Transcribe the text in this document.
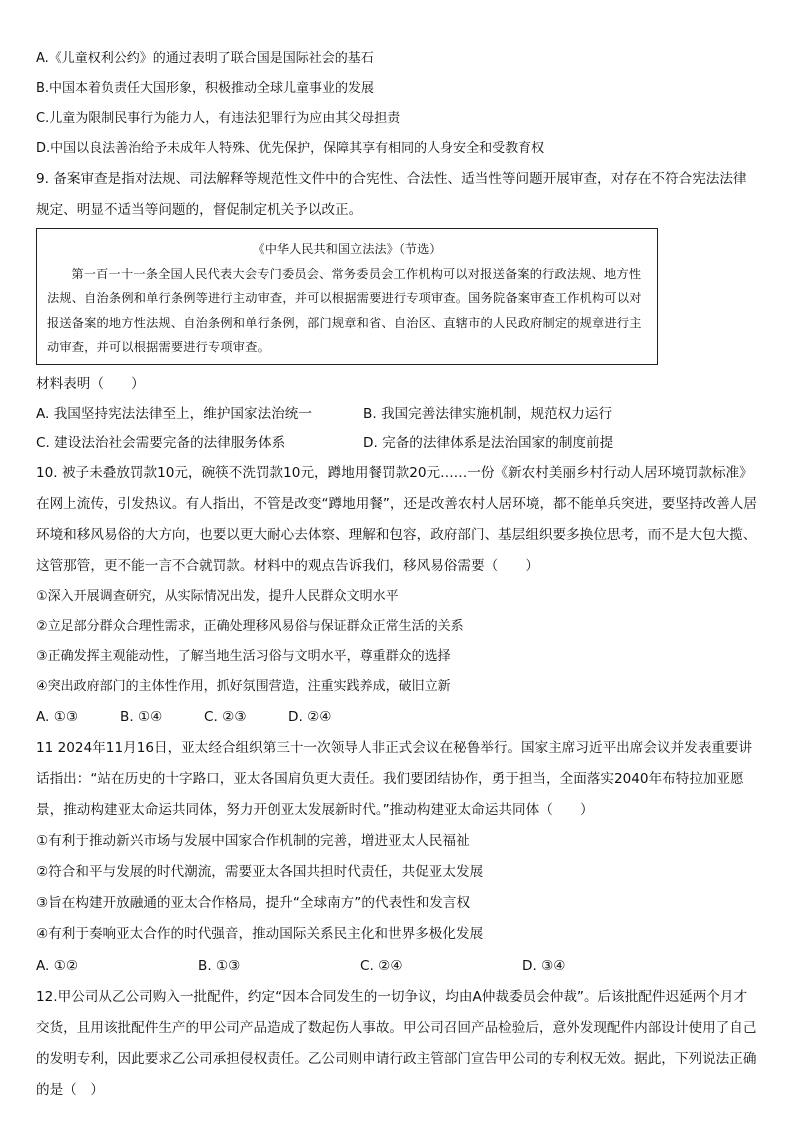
A.《儿童权利公约》的通过表明了联合国是国际社会的基石
B.中国本着负责任大国形象，积极推动全球儿童事业的发展
C.儿童为限制民事行为能力人，有违法犯罪行为应由其父母担责
D.中国以良法善治给予未成年人特殊、优先保护，保障其享有相同的人身安全和受教育权

9. 备案审查是指对法规、司法解释等规范性文件中的合宪性、合法性、适当性等问题开展审查，对存在不符合宪法法律规定、明显不适当等问题的，督促制定机关予以改正。

《中华人民共和国立法法》（节选）

第一百一十一条全国人民代表大会专门委员会、常务委员会工作机构可以对报送备案的行政法规、地方性法规、自治条例和单行条例等进行主动审查，并可以根据需要进行专项审查。国务院备案审查工作机构可以对报送备案的地方性法规、自治条例和单行条例，部门规章和省、自治区、直辖市的人民政府制定的规章进行主动审查，并可以根据需要进行专项审查。

材料表明（　　）
A. 我国坚持宪法法律至上，维护国家法治统一	B. 我国完善法律实施机制，规范权力运行
C. 建设法治社会需要完备的法律服务体系	D. 完备的法律体系是法治国家的制度前提

10. 被子未叠放罚款10元，碗筷不洗罚款10元，蹲地用餐罚款20元……一份《新农村美丽乡村行动人居环境罚款标准》在网上流传，引发热议。有人指出，不管是改变“蹲地用餐”，还是改善农村人居环境，都不能单兵突进，要坚持改善人居环境和移风易俗的大方向，也要以更大耐心去体察、理解和包容，政府部门、基层组织要多换位思考，而不是大包大揽、这管那管，更不能一言不合就罚款。材料中的观点告诉我们，移风易俗需要（　　）

①深入开展调查研究，从实际情况出发，提升人民群众文明水平
②立足部分群众合理性需求，正确处理移风易俗与保证群众正常生活的关系
③正确发挥主观能动性，了解当地生活习俗与文明水平，尊重群众的选择
④突出政府部门的主体性作用，抓好氛围营造，注重实践养成，破旧立新
A. ①③	B. ①④	C. ②③	D. ②④

11 2024年11月16日，亚太经合组织第三十一次领导人非正式会议在秘鲁举行。国家主席习近平出席会议并发表重要讲话指出：“站在历史的十字路口，亚太各国肩负更大责任。我们要团结协作，勇于担当，全面落实2040年布特拉加亚愿景，推动构建亚太命运共同体，努力开创亚太发展新时代。”推动构建亚太命运共同体（　　）

①有利于推动新兴市场与发展中国家合作机制的完善，增进亚太人民福祉
②符合和平与发展的时代潮流，需要亚太各国共担时代责任，共促亚太发展
③旨在构建开放融通的亚太合作格局，提升“全球南方”的代表性和发言权
④有利于奏响亚太合作的时代强音，推动国际关系民主化和世界多极化发展
A. ①②	B. ①③	C. ②④	D. ③④

12.甲公司从乙公司购入一批配件，约定“因本合同发生的一切争议，均由A仲裁委员会仲裁”。后该批配件迟延两个月才交货，且用该批配件生产的甲公司产品造成了数起伤人事故。甲公司召回产品检验后，意外发现配件内部设计使用了自己的发明专利，因此要求乙公司承担侵权责任。乙公司则申请行政主管部门宣告甲公司的专利权无效。据此，下列说法正确的是（　）
